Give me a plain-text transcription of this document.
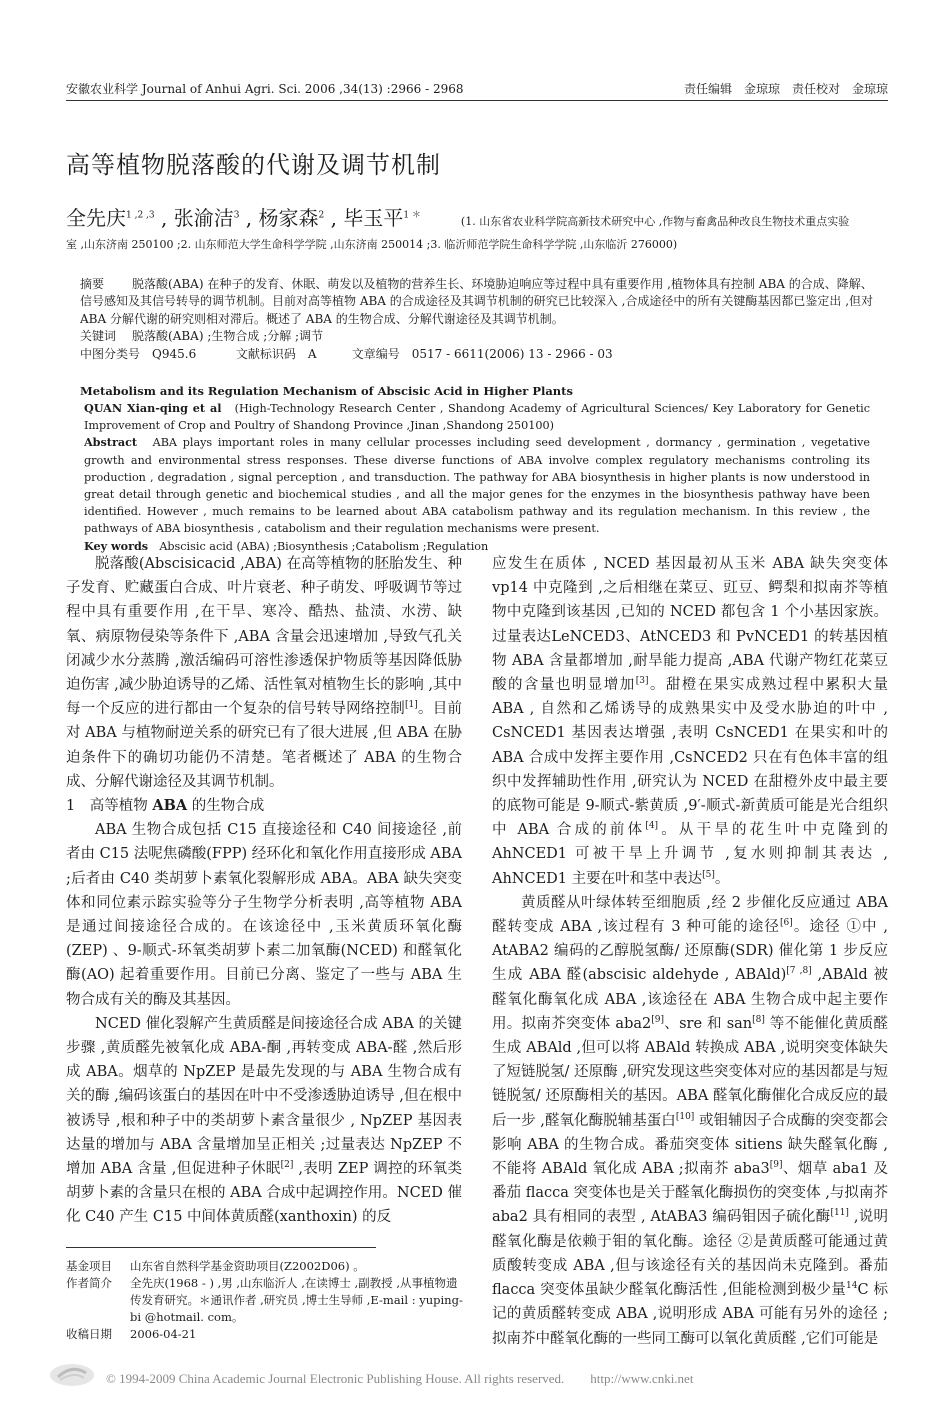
安徽农业科学 Journal of Anhui Agri. Sci. 2006 ,34(13) :2966 - 2968	责任编辑　金琼琼　责任校对　金琼琼
高等植物脱落酸的代谢及调节机制
全先庆$^{1 ,2 ,3}$ , 张渝洁$^3$ , 杨家森$^2$ , 毕玉平$^{1 *}$　　	(1. 山东省农业科学院高新技术研究中心 ,作物与畜禽品种改良生物技术重点实验
室 ,山东济南 250100 ;2. 山东师范大学生命科学学院 ,山东济南 250014 ;3. 临沂师范学院生命科学学院 ,山东临沂 276000)
摘要　 脱落酸(ABA) 在种子的发育、休眠、萌发以及植物的营养生长、环境胁迫响应等过程中具有重要作用 ,植物体具有控制 ABA 的合成、降解、信号感知及其信号转导的调节机制。目前对高等植物 ABA 的合成途径及其调节机制的研究已比较深入 ,合成途径中的所有关键酶基因都已鉴定出 ,但对 ABA 分解代谢的研究则相对滞后。概述了 ABA 的生物合成、分解代谢途径及其调节机制。
关键词　 脱落酸(ABA) ;生物合成 ;分解 ;调节
中图分类号　 Q945.6	文献标识码　 A	文章编号　 0517 - 6611(2006) 13 - 2966 - 03
Metabolism and its Regulation Mechanism of Abscisic Acid in Higher Plants
QUAN Xian-qing et al　 (High-Technology Research Center , Shandong Academy of Agricultural Sciences/ Key Laboratory for Genetic Improvement of Crop and Poultry of Shandong Province ,Jinan ,Shandong 250100)
Abstract　 ABA plays important roles in many cellular processes including seed development , dormancy , germination , vegetative growth and environmental stress responses. These diverse functions of ABA involve complex regulatory mechanisms controling its production , degradation , signal perception , and transduction. The pathway for ABA biosynthesis in higher plants is now understood in great detail through genetic and biochemical studies , and all the major genes for the enzymes in the biosynthesis pathway have been identified. However , much remains to be learned about ABA catabolism pathway and its regulation mechanism. In this review , the pathways of ABA biosynthesis , catabolism and their regulation mechanisms were present.
Key words　 Abscisic acid (ABA) ;Biosynthesis ;Catabolism ;Regulation

脱落酸(Abscisicacid ,ABA) 在高等植物的胚胎发生、种子发育、贮藏蛋白合成、叶片衰老、种子萌发、呼吸调节等过程中具有重要作用 ,在干旱、寒冷、酷热、盐渍、水涝、缺氧、病原物侵染等条件下 ,ABA 含量会迅速增加 ,导致气孔关闭减少水分蒸腾 ,激活编码可溶性渗透保护物质等基因降低胁迫伤害 ,减少胁迫诱导的乙烯、活性氧对植物生长的影响 ,其中每一个反应的进行都由一个复杂的信号转导网络控制[1]。目前对 ABA 与植物耐逆关系的研究已有了很大进展 ,但 ABA 在胁迫条件下的确切功能仍不清楚。笔者概述了 ABA 的生物合成、分解代谢途径及其调节机制。

1　 高等植物 ABA 的生物合成

ABA 生物合成包括 C15 直接途径和 C40 间接途径 ,前者由 C15 法呢焦磷酸(FPP) 经环化和氧化作用直接形成 ABA ;后者由 C40 类胡萝卜素氧化裂解形成 ABA。ABA 缺失突变体和同位素示踪实验等分子生物学分析表明 ,高等植物 ABA 是通过间接途径合成的。在该途径中 ,玉米黄质环氧化酶(ZEP) 、9-顺式-环氧类胡萝卜素二加氧酶(NCED) 和醛氧化酶(AO) 起着重要作用。目前已分离、鉴定了一些与 ABA 生物合成有关的酶及其基因。

NCED 催化裂解产生黄质醛是间接途径合成 ABA 的关键步骤 ,黄质醛先被氧化成 ABA-酮 ,再转变成 ABA-醛 ,然后形成 ABA。烟草的 NpZEP 是最先发现的与 ABA 生物合成有关的酶 ,编码该蛋白的基因在叶中不受渗透胁迫诱导 ,但在根中被诱导 ,根和种子中的类胡萝卜素含量很少 , NpZEP 基因表达量的增加与 ABA 含量增加呈正相关 ;过量表达 NpZEP 不增加 ABA 含量 ,但促进种子休眠[2] ,表明 ZEP 调控的环氧类胡萝卜素的含量只在根的 ABA 合成中起调控作用。NCED 催化 C40 产生 C15 中间体黄质醛(xanthoxin) 的反

应发生在质体 , NCED 基因最初从玉米 ABA 缺失突变体 vp14 中克隆到 ,之后相继在菜豆、豇豆、鳄梨和拟南芥等植物中克隆到该基因 ,已知的 NCED 都包含 1 个小基因家族。过量表达LeNCED3、AtNCED3 和 PvNCED1 的转基因植物 ABA 含量都增加 ,耐旱能力提高 ,ABA 代谢产物红花菜豆酸的含量也明显增加[3]。甜橙在果实成熟过程中累积大量 ABA , 自然和乙烯诱导的成熟果实中及受水胁迫的叶中 , CsNCED1 基因表达增强 ,表明 CsNCED1 在果实和叶的 ABA 合成中发挥主要作用 ,CsNCED2 只在有色体丰富的组织中发挥辅助性作用 ,研究认为 NCED 在甜橙外皮中最主要的底物可能是 9-顺式-紫黄质 ,9′-顺式-新黄质可能是光合组织中 ABA 合成的前体[4]。从干旱的花生叶中克隆到的 AhNCED1 可被干旱上升调节 ,复水则抑制其表达 , AhNCED1 主要在叶和茎中表达[5]。

黄质醛从叶绿体转至细胞质 ,经 2 步催化反应通过 ABA 醛转变成 ABA ,该过程有 3 种可能的途径[6]。途径 ①中 , AtABA2 编码的乙醇脱氢酶/ 还原酶(SDR) 催化第 1 步反应生成 ABA 醛(abscisic aldehyde , ABAld)[7 ,8] ,ABAld 被醛氧化酶氧化成 ABA ,该途径在 ABA 生物合成中起主要作用。拟南芥突变体 aba2[9]、sre 和 san[8] 等不能催化黄质醛生成 ABAld ,但可以将 ABAld 转换成 ABA ,说明突变体缺失了短链脱氢/ 还原酶 ,研究发现这些突变体对应的基因都是与短链脱氢/ 还原酶相关的基因。ABA 醛氧化酶催化合成反应的最后一步 ,醛氧化酶脱辅基蛋白[10] 或钼辅因子合成酶的突变都会影响 ABA 的生物合成。番茄突变体 sitiens 缺失醛氧化酶 ,不能将 ABAld 氧化成 ABA ;拟南芥 aba3[9]、烟草 aba1 及番茄 flacca 突变体也是关于醛氧化酶损伤的突变体 ,与拟南芥 aba2 具有相同的表型 , AtABA3 编码钼因子硫化酶[11] ,说明醛氧化酶是依赖于钼的氧化酶。途径 ②是黄质醛可能通过黄质酸转变成 ABA ,但与该途径有关的基因尚未克隆到。番茄 flacca 突变体虽缺少醛氧化酶活性 ,但能检测到极少量$^{14}$C 标记的黄质醛转变成 ABA ,说明形成 ABA 可能有另外的途径 ;拟南芥中醛氧化酶的一些同工酶可以氧化黄质醛 ,它们可能是

基金项目	山东省自然科学基金资助项目(Z2002D06) 。
作者简介	全先庆(1968 - ) ,男 ,山东临沂人 ,在读博士 ,副教授 ,从事植物遗传发育研究。＊通讯作者 ,研究员 ,博士生导师 ,E-mail : yuping-bi @hotmail. com。
收稿日期	2006-04-21
© 1994-2009 China Academic Journal Electronic Publishing House. All rights reserved.　　http://www.cnki.net
